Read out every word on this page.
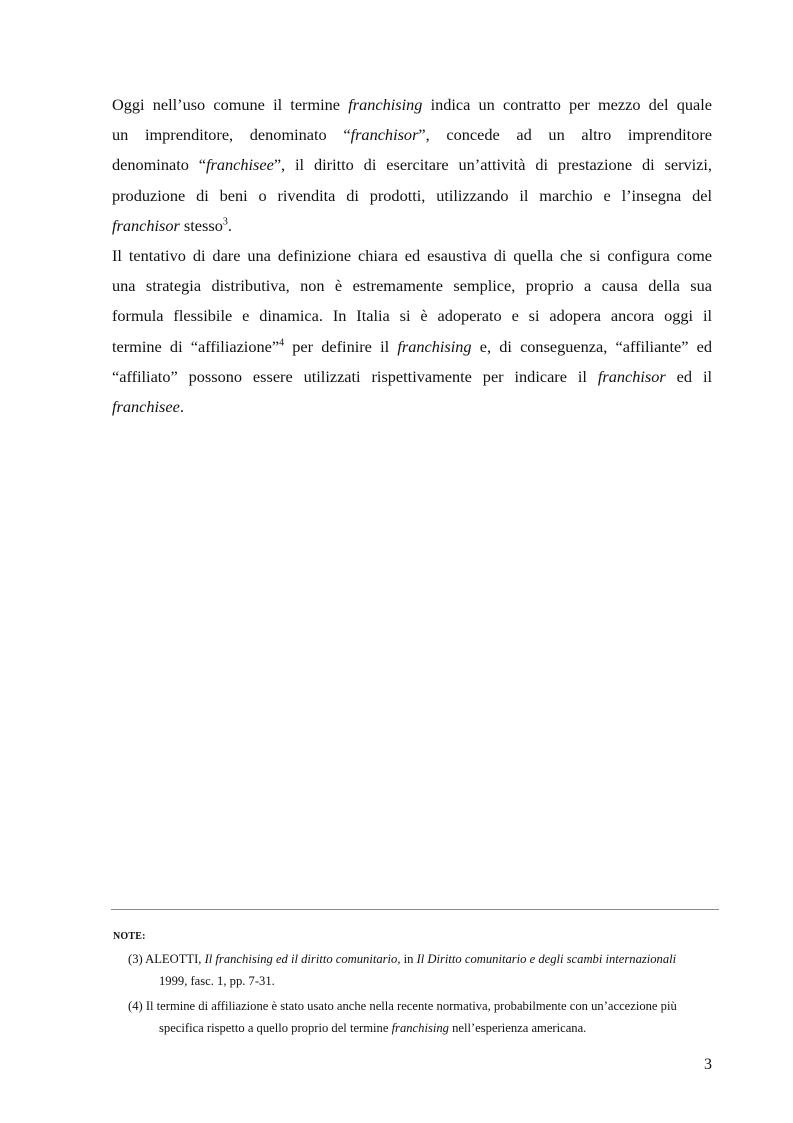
Oggi nell’uso comune il termine franchising indica un contratto per mezzo del quale
un imprenditore, denominato “franchisor”, concede ad un altro imprenditore
denominato “franchisee”, il diritto di esercitare un’attività di prestazione di servizi,
produzione di beni o rivendita di prodotti, utilizzando il marchio e l’insegna del
franchisor stesso$^3$.
Il tentativo di dare una definizione chiara ed esaustiva di quella che si configura come
una strategia distributiva, non è estremamente semplice, proprio a causa della sua
formula flessibile e dinamica. In Italia si è adoperato e si adopera ancora oggi il
termine di “affiliazione”$^4$ per definire il franchising e, di conseguenza, “affiliante” ed
“affiliato” possono essere utilizzati rispettivamente per indicare il franchisor ed il
franchisee.
NOTE:
(3) ALEOTTI, Il franchising ed il diritto comunitario, in Il Diritto comunitario e degli scambi internazionali
1999, fasc. 1, pp. 7-31.
(4) Il termine di affiliazione è stato usato anche nella recente normativa, probabilmente con un’accezione più
specifica rispetto a quello proprio del termine franchising nell’esperienza americana.
3
